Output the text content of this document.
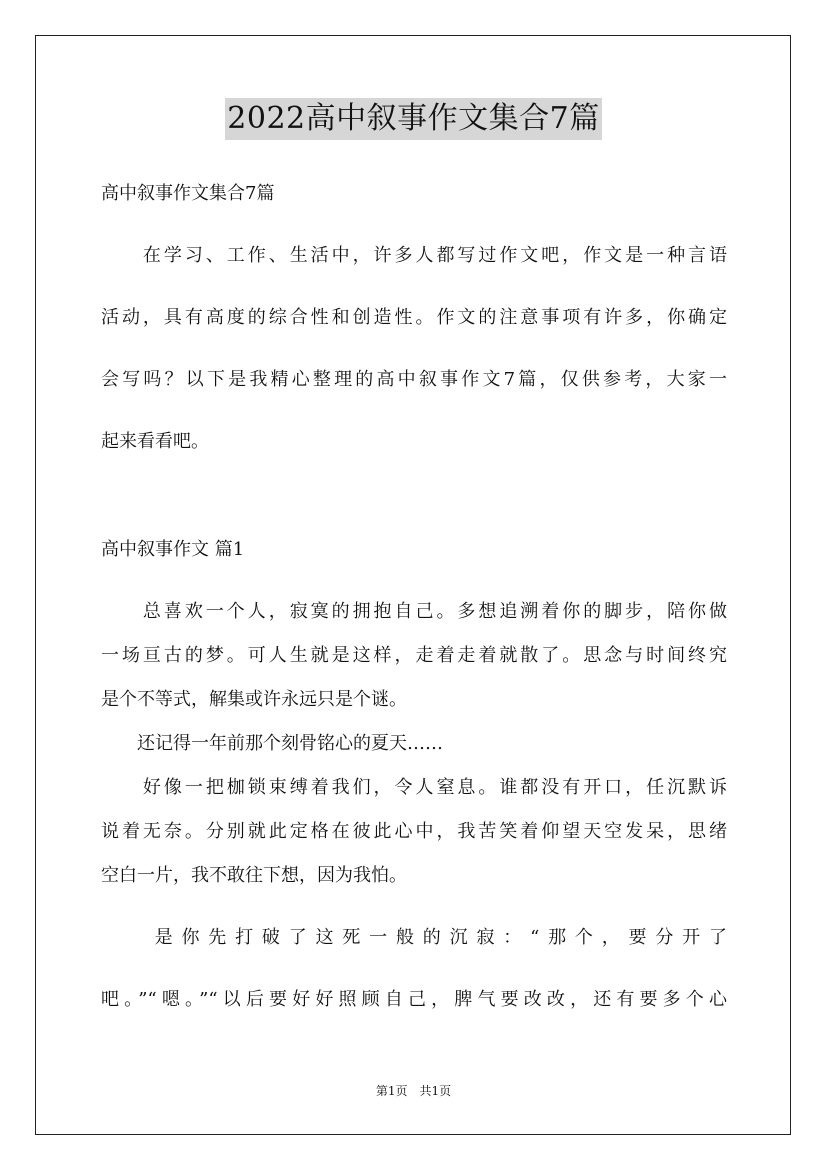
2022高中叙事作文集合7篇
高中叙事作文集合7篇
　　在学习、工作、生活中，许多人都写过作文吧，作文是一种言语
活动，具有高度的综合性和创造性。作文的注意事项有许多，你确定
会写吗？以下是我精心整理的高中叙事作文7篇，仅供参考，大家一
起来看看吧。
高中叙事作文 篇1
　　总喜欢一个人，寂寞的拥抱自己。多想追溯着你的脚步，陪你做
一场亘古的梦。可人生就是这样，走着走着就散了。思念与时间终究
是个不等式，解集或许永远只是个谜。
　　还记得一年前那个刻骨铭心的夏天……
　　好像一把枷锁束缚着我们，令人窒息。谁都没有开口，任沉默诉
说着无奈。分别就此定格在彼此心中，我苦笑着仰望天空发呆，思绪
空白一片，我不敢往下想，因为我怕。
　　是你先打破了这死一般的沉寂：“那个，要分开了
吧。”“嗯。”“以后要好好照顾自己，脾气要改改，还有要多个心
第1页　共1页
